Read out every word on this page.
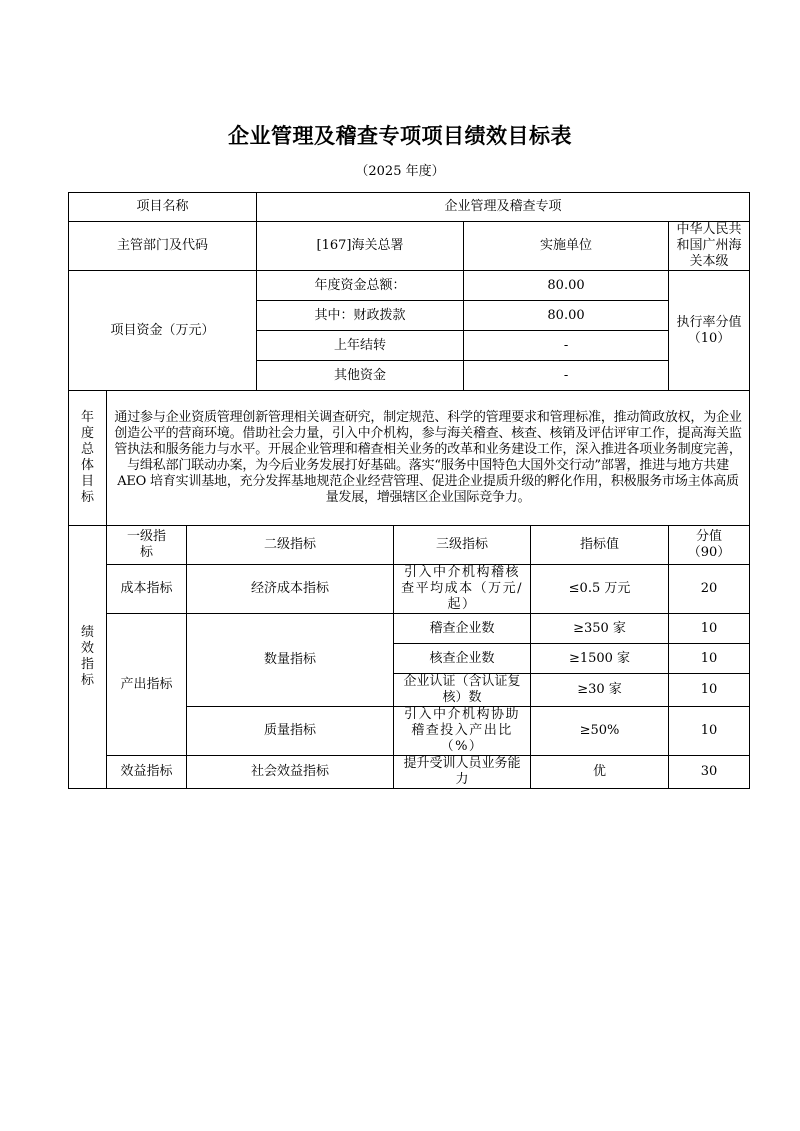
企业管理及稽查专项项目绩效目标表
（2025 年度）
项目名称			企业管理及稽查专项				
主管部门及代码			[167]海关总署		实施单位		中华人民共和国广州海关本级
项目资金（万元）			年度资金总额：		80.00		执行率分值（10）
			其中：财政拨款		80.00		
			上年结转		-		
			其他资金		-		

年度总体目标	通过参与企业资质管理创新管理相关调查研究，制定规范、科学的管理要求和管理标准，推动简政放权，为企业创造公平的营商环境。借助社会力量，引入中介机构，参与海关稽查、核查、核销及评估评审工作，提高海关监管执法和服务能力与水平。开展企业管理和稽查相关业务的改革和业务建设工作，深入推进各项业务制度完善，与缉私部门联动办案，为今后业务发展打好基础。落实“服务中国特色大国外交行动”部署，推进与地方共建 AEO 培育实训基地，充分发挥基地规范企业经营管理、促进企业提质升级的孵化作用，积极服务市场主体高质量发展，增强辖区企业国际竞争力。						

绩效指标	一级指标	二级指标		三级指标		指标值	分值（90）
	成本指标	经济成本指标		引入中介机构稽核查平均成本（万元/起）		≤0.5 万元	20
	产出指标	数量指标		稽查企业数		≥350 家	10
				核查企业数		≥1500 家	10
				企业认证（含认证复核）数		≥30 家	10
		质量指标		引入中介机构协助稽查投入产出比（%）		≥50%	10
	效益指标	社会效益指标		提升受训人员业务能力		优	30
